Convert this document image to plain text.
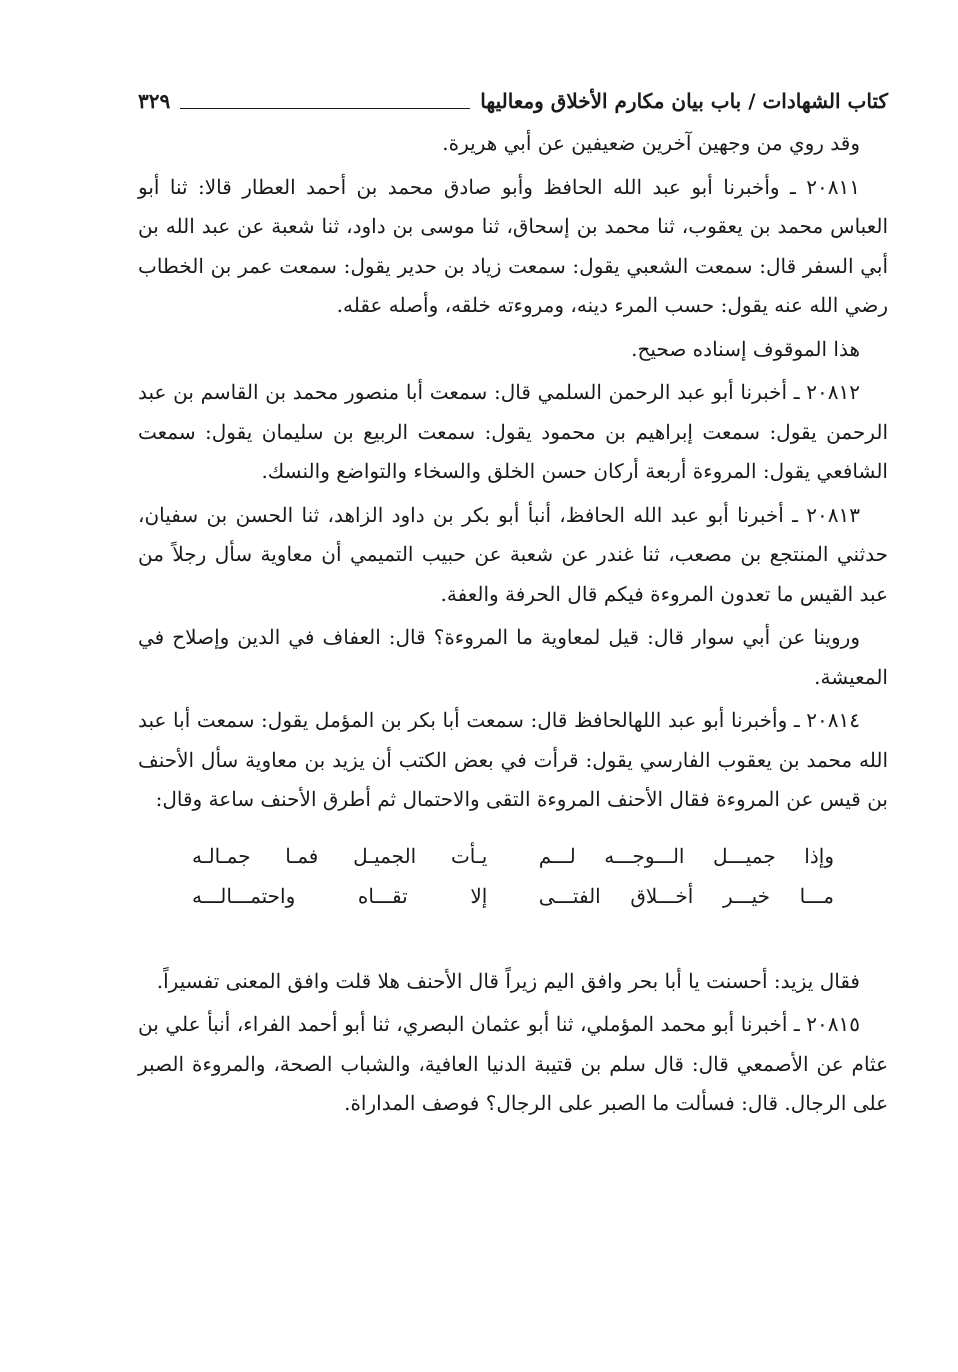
كتاب الشهادات / باب بيان مكارم الأخلاق ومعاليها
٣٢٩

وقد روي من وجهين آخرين ضعيفين عن أبي هريرة.

٢٠٨١١ ـ وأخبرنا أبو عبد الله الحافظ وأبو صادق محمد بن أحمد العطار قالا: ثنا أبو العباس محمد بن يعقوب، ثنا محمد بن إسحاق، ثنا موسى بن داود، ثنا شعبة عن عبد الله بن أبي السفر قال: سمعت الشعبي يقول: سمعت زياد بن حدير يقول: سمعت عمر بن الخطاب رضي الله عنه يقول: حسب المرء دينه، ومروءته خلقه، وأصله عقله.

هذا الموقوف إسناده صحيح.

٢٠٨١٢ ـ أخبرنا أبو عبد الرحمن السلمي قال: سمعت أبا منصور محمد بن القاسم بن عبد الرحمن يقول: سمعت إبراهيم بن محمود يقول: سمعت الربيع بن سليمان يقول: سمعت الشافعي يقول: المروءة أربعة أركان حسن الخلق والسخاء والتواضع والنسك.

٢٠٨١٣ ـ أخبرنا أبو عبد الله الحافظ، أنبأ أبو بكر بن داود الزاهد، ثنا الحسن بن سفيان، حدثني المنتجع بن مصعب، ثنا غندر عن شعبة عن حبيب التميمي أن معاوية سأل رجلاً من عبد القيس ما تعدون المروءة فيكم قال الحرفة والعفة.

وروينا عن أبي سوار قال: قيل لمعاوية ما المروءة؟ قال: العفاف في الدين وإصلاح في المعيشة.

٢٠٨١٤ ـ وأخبرنا أبو عبد اللهالحافظ قال: سمعت أبا بكر بن المؤمل يقول: سمعت أبا عبد الله محمد بن يعقوب الفارسي يقول: قرأت في بعض الكتب أن يزيد بن معاوية سأل الأحنف بن قيس عن المروءة فقال الأحنف المروءة التقى والاحتمال ثم أطرق الأحنف ساعة وقال:

وإذا جميـــل الـــوجـــه لـــم
يـأت الجميـل فمـا جمـالـه
مـــا خيـــر أخـــلاق الفتـــى
إلا تقـــاه واحتمـــالـــه

فقال يزيد: أحسنت يا أبا بحر وافق اليم زيراً قال الأحنف هلا قلت وافق المعنى تفسيراً.

٢٠٨١٥ ـ أخبرنا أبو محمد المؤملي، ثنا أبو عثمان البصري، ثنا أبو أحمد الفراء، أنبأ علي بن عثام عن الأصمعي قال: قال سلم بن قتيبة الدنيا العافية، والشباب الصحة، والمروءة الصبر على الرجال. قال: فسألت ما الصبر على الرجال؟ فوصف المداراة.
